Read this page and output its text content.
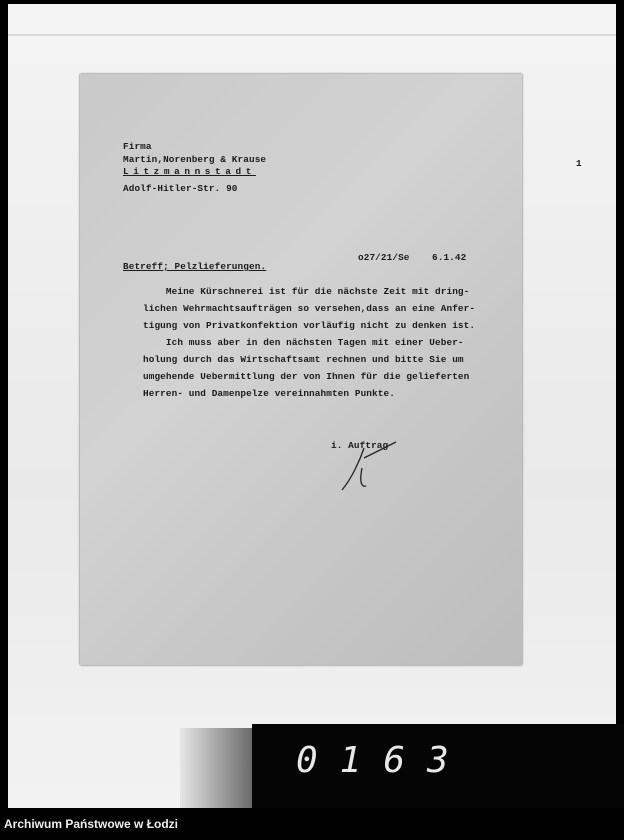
1
Firma
Martin,Norenberg & Krause
Litzmannstadt
Adolf-Hitler-Str. 90
o27/21/Se 6.1.42
Betreff; Pelzlieferungen.
Meine Kürschnerei ist für die nächste Zeit mit dring-
lichen Wehrmachtsaufträgen so versehen,dass an eine Anfer-
tigung von Privatkonfektion vorläufig nicht zu denken ist.
Ich muss aber in den nächsten Tagen mit einer Ueber-
holung durch das Wirtschaftsamt rechnen und bitte Sie um
umgehende Uebermittlung der von Ihnen für die gelieferten
Herren- und Damenpelze vereinnahmten Punkte.
i. Auftrag
0163
Archiwum Państwowe w Łodzi
